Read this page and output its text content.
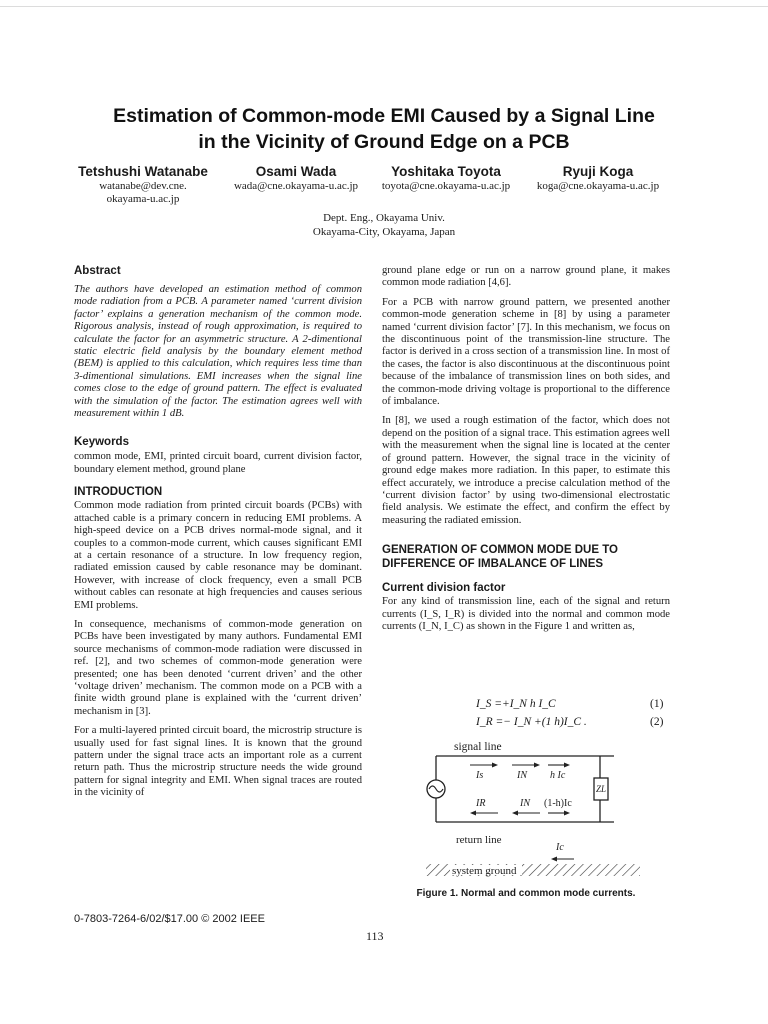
Estimation of Common-mode EMI Caused by a Signal Line
in the Vicinity of Ground Edge on a PCB
Tetshushi Watanabe
watanabe@dev.cne.
okayama-u.ac.jp
Osami Wada
wada@cne.okayama-u.ac.jp
Yoshitaka Toyota
toyota@cne.okayama-u.ac.jp
Ryuji Koga
koga@cne.okayama-u.ac.jp
Dept. Eng., Okayama Univ.
Okayama-City, Okayama, Japan
Abstract

The authors have developed an estimation method of common mode radiation from a PCB. A parameter named ‘current division factor’ explains a generation mechanism of the common mode. Rigorous analysis, instead of rough approximation, is required to calculate the factor for an asymmetric structure. A 2-dimentional static electric field analysis by the boundary element method (BEM) is applied to this calculation, which requires less time than 3-dimentional simulations. EMI increases when the signal line comes close to the edge of ground pattern. The effect is evaluated with the simulation of the factor. The estimation agrees well with measurement within 1 dB.

Keywords

common mode, EMI, printed circuit board, current division factor, boundary element method, ground plane

INTRODUCTION

Common mode radiation from printed circuit boards (PCBs) with attached cable is a primary concern in reducing EMI problems. A high-speed device on a PCB drives normal-mode signal, and it couples to a common-mode current, which causes significant EMI at a certain resonance of a structure. In low frequency region, radiated emission caused by cable resonance may be dominant. However, with increase of clock frequency, even a small PCB without cables can resonate at high frequencies and causes serious EMI problems.

In consequence, mechanisms of common-mode generation on PCBs have been investigated by many authors. Fundamental EMI source mechanisms of common-mode radiation were discussed in ref. [2], and two schemes of common-mode generation were presented; one has been denoted ‘current driven’ and the other ‘voltage driven’ mechanism. The common mode on a PCB with a finite width ground plane is explained with the ‘current driven’ mechanism in [3].

For a multi-layered printed circuit board, the microstrip structure is usually used for fast signal lines. It is known that the ground pattern under the signal trace acts an important role as a current return path. Thus the microstrip structure needs the wide ground pattern for signal integrity and EMI. When signal traces are routed in the vicinity of

ground plane edge or run on a narrow ground plane, it makes common mode radiation [4,6].

For a PCB with narrow ground pattern, we presented another common-mode generation scheme in [8] by using a parameter named ‘current division factor’ [7]. In this mechanism, we focus on the discontinuous point of the transmission-line structure. The factor is derived in a cross section of a transmission line. In most of the cases, the factor is also discontinuous at the discontinuous point because of the imbalance of transmission lines on both sides, and the common-mode driving voltage is proportional to the difference of imbalance.

In [8], we used a rough estimation of the factor, which does not depend on the position of a signal trace. This estimation agrees well with the measurement when the signal line is located at the center of ground pattern. However, the signal trace in the vicinity of ground edge makes more radiation. In this paper, to estimate this effect accurately, we introduce a precise calculation method of the ‘current division factor’ by using two-dimensional electrostatic field analysis. We estimate the effect, and confirm the effect by measuring the radiated emission.

GENERATION OF COMMON MODE DUE TO
DIFFERENCE OF IMBALANCE OF LINES
Current division factor

For any kind of transmission line, each of the signal and return currents (I_S, I_R) is divided into the normal and common mode currents (I_N, I_C) as shown in the Figure 1 and written as,

I_S =+I_N h I_C	(1)
I_R =− I_N +(1 h)I_C .	(2)
signal line
return line
system ground
Is	IN h Ic
IR	IN (1-h)Ic
Ic
ZL
Figure 1. Normal and common mode currents.
0-7803-7264-6/02/$17.00 © 2002 IEEE
113
